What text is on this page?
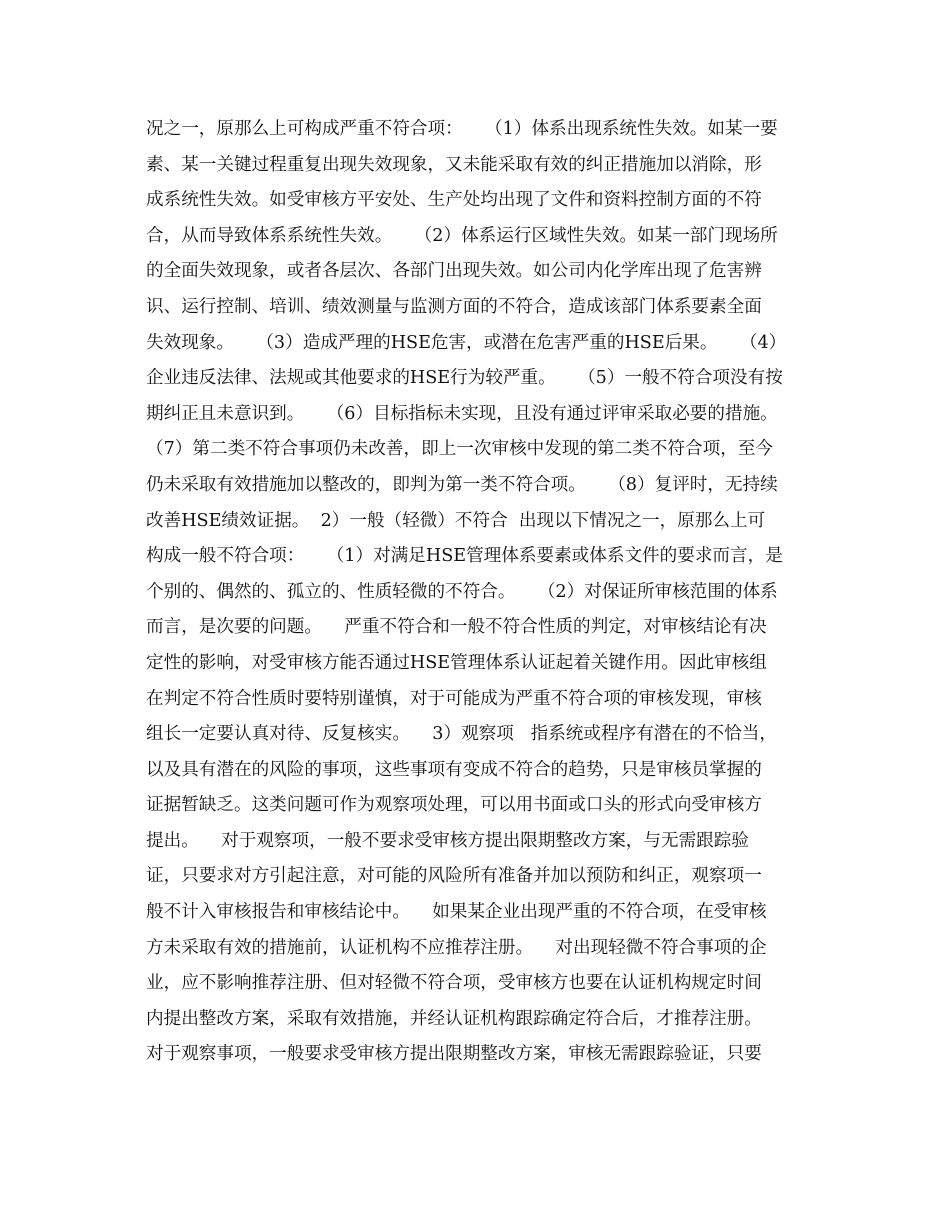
况之一，原那么上可构成严重不符合项：    （1）体系出现系统性失效。如某一要
素、某一关键过程重复出现失效现象，又未能采取有效的纠正措施加以消除，形
成系统性失效。如受审核方平安处、生产处均出现了文件和资料控制方面的不符
合，从而导致体系系统性失效。    （2）体系运行区域性失效。如某一部门现场所
的全面失效现象，或者各层次、各部门出现失效。如公司内化学库出现了危害辨
识、运行控制、培训、绩效测量与监测方面的不符合，造成该部门体系要素全面
失效现象。    （3）造成严理的HSE危害，或潜在危害严重的HSE后果。    （4）
企业违反法律、法规或其他要求的HSE行为较严重。    （5）一般不符合项没有按
期纠正且未意识到。    （6）目标指标未实现，且没有通过评审采取必要的措施。
（7）第二类不符合事项仍未改善，即上一次审核中发现的第二类不符合项，至今
仍未采取有效措施加以整改的，即判为第一类不符合项。    （8）复评时，无持续
改善HSE绩效证据。  2）一般（轻微）不符合  出现以下情况之一，原那么上可
构成一般不符合项：    （1）对满足HSE管理体系要素或体系文件的要求而言，是
个别的、偶然的、孤立的、性质轻微的不符合。    （2）对保证所审核范围的体系
而言，是次要的问题。    严重不符合和一般不符合性质的判定，对审核结论有决
定性的影响，对受审核方能否通过HSE管理体系认证起着关键作用。因此审核组
在判定不符合性质时要特别谨慎，对于可能成为严重不符合项的审核发现，审核
组长一定要认真对待、反复核实。    3）观察项   指系统或程序有潜在的不恰当，
以及具有潜在的风险的事项，这些事项有变成不符合的趋势，只是审核员掌握的
证据暂缺乏。这类问题可作为观察项处理，可以用书面或口头的形式向受审核方
提出。    对于观察项，一般不要求受审核方提出限期整改方案，与无需跟踪验
证，只要求对方引起注意，对可能的风险所有准备并加以预防和纠正，观察项一
般不计入审核报告和审核结论中。    如果某企业出现严重的不符合项，在受审核
方未采取有效的措施前，认证机构不应推荐注册。    对出现轻微不符合事项的企
业，应不影响推荐注册、但对轻微不符合项，受审核方也要在认证机构规定时间
内提出整改方案，采取有效措施，并经认证机构跟踪确定符合后，才推荐注册。
对于观察事项，一般要求受审核方提出限期整改方案，审核无需跟踪验证，只要
